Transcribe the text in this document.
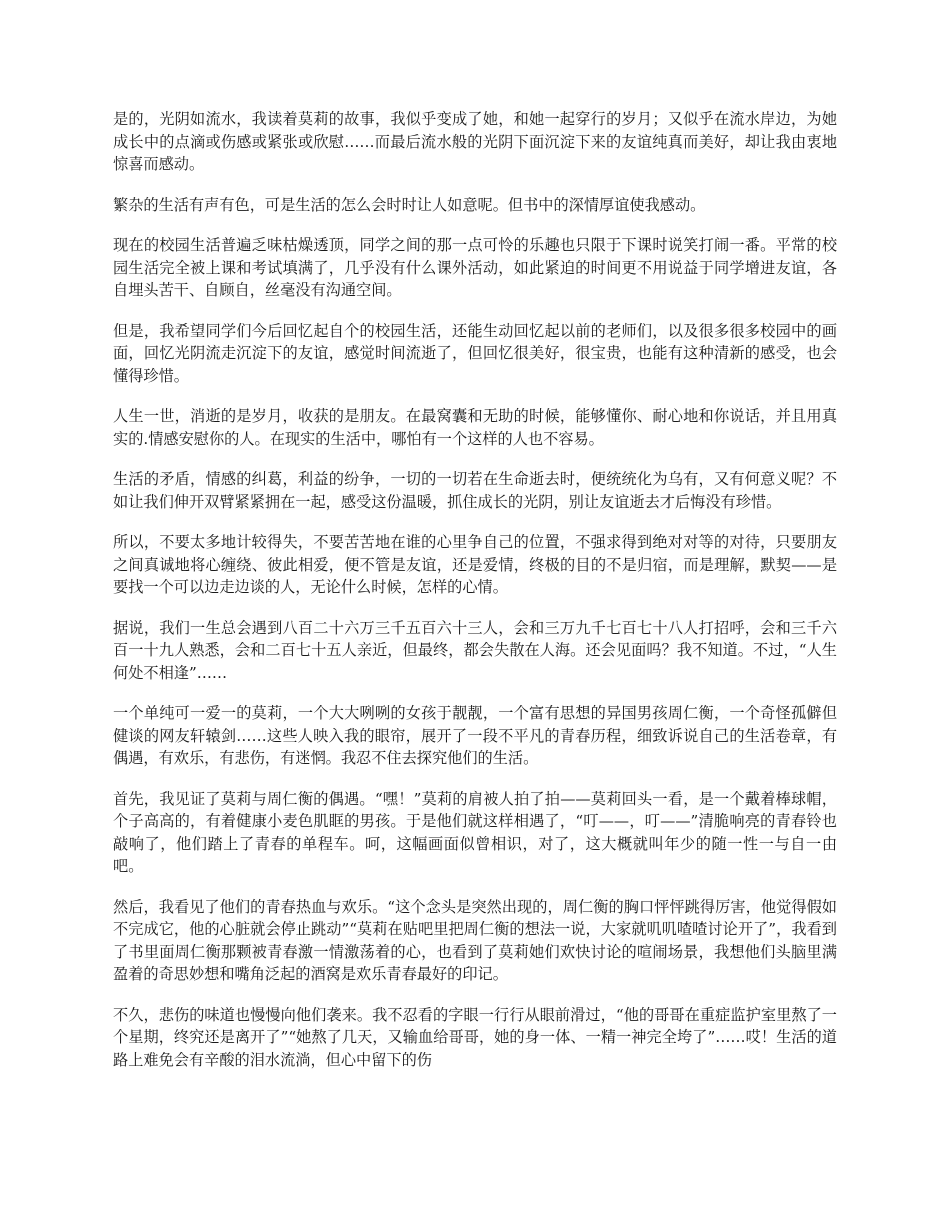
是的，光阴如流水，我读着莫莉的故事，我似乎变成了她，和她一起穿行的岁月；又似乎在流水岸边，为她成长中的点滴或伤感或紧张或欣慰……而最后流水般的光阴下面沉淀下来的友谊纯真而美好，却让我由衷地惊喜而感动。

繁杂的生活有声有色，可是生活的怎么会时时让人如意呢。但书中的深情厚谊使我感动。

现在的校园生活普遍乏味枯燥透顶，同学之间的那一点可怜的乐趣也只限于下课时说笑打闹一番。平常的校园生活完全被上课和考试填满了，几乎没有什么课外活动，如此紧迫的时间更不用说益于同学增进友谊，各自埋头苦干、自顾自，丝毫没有沟通空间。

但是，我希望同学们今后回忆起自个的校园生活，还能生动回忆起以前的老师们，以及很多很多校园中的画面，回忆光阴流走沉淀下的友谊，感觉时间流逝了，但回忆很美好，很宝贵，也能有这种清新的感受，也会懂得珍惜。

人生一世，消逝的是岁月，收获的是朋友。在最窝囊和无助的时候，能够懂你、耐心地和你说话，并且用真实的.情感安慰你的人。在现实的生活中，哪怕有一个这样的人也不容易。

生活的矛盾，情感的纠葛，利益的纷争，一切的一切若在生命逝去时，便统统化为乌有，又有何意义呢？不如让我们伸开双臂紧紧拥在一起，感受这份温暖，抓住成长的光阴，别让友谊逝去才后悔没有珍惜。

所以，不要太多地计较得失，不要苦苦地在谁的心里争自己的位置，不强求得到绝对对等的对待，只要朋友之间真诚地将心缠绕、彼此相爱，便不管是友谊，还是爱情，终极的目的不是归宿，而是理解，默契——是要找一个可以边走边谈的人，无论什么时候，怎样的心情。

据说，我们一生总会遇到八百二十六万三千五百六十三人，会和三万九千七百七十八人打招呼，会和三千六百一十九人熟悉，会和二百七十五人亲近，但最终，都会失散在人海。还会见面吗？我不知道。不过，“人生何处不相逢”……

一个单纯可一爱一的莫莉，一个大大咧咧的女孩于靓靓，一个富有思想的异国男孩周仁衡，一个奇怪孤僻但健谈的网友轩辕剑……这些人映入我的眼帘，展开了一段不平凡的青春历程，细致诉说自己的生活卷章，有偶遇，有欢乐，有悲伤，有迷惘。我忍不住去探究他们的生活。

首先，我见证了莫莉与周仁衡的偶遇。“嘿！”莫莉的肩被人拍了拍——莫莉回头一看，是一个戴着棒球帽，个子高高的，有着健康小麦色肌眶的男孩。于是他们就这样相遇了，“叮——，叮——”清脆响亮的青春铃也敲响了，他们踏上了青春的单程车。呵，这幅画面似曾相识，对了，这大概就叫年少的随一性一与自一由吧。

然后，我看见了他们的青春热血与欢乐。“这个念头是突然出现的，周仁衡的胸口怦怦跳得厉害，他觉得假如不完成它，他的心脏就会停止跳动”“莫莉在贴吧里把周仁衡的想法一说，大家就叽叽喳喳讨论开了”，我看到了书里面周仁衡那颗被青春激一情激荡着的心，也看到了莫莉她们欢快讨论的喧闹场景，我想他们头脑里满盈着的奇思妙想和嘴角泛起的酒窝是欢乐青春最好的印记。

不久，悲伤的味道也慢慢向他们袭来。我不忍看的字眼一行行从眼前滑过，“他的哥哥在重症监护室里熬了一个星期，终究还是离开了”“她熬了几天，又输血给哥哥，她的身一体、一精一神完全垮了”……哎！生活的道路上难免会有辛酸的泪水流淌，但心中留下的伤
